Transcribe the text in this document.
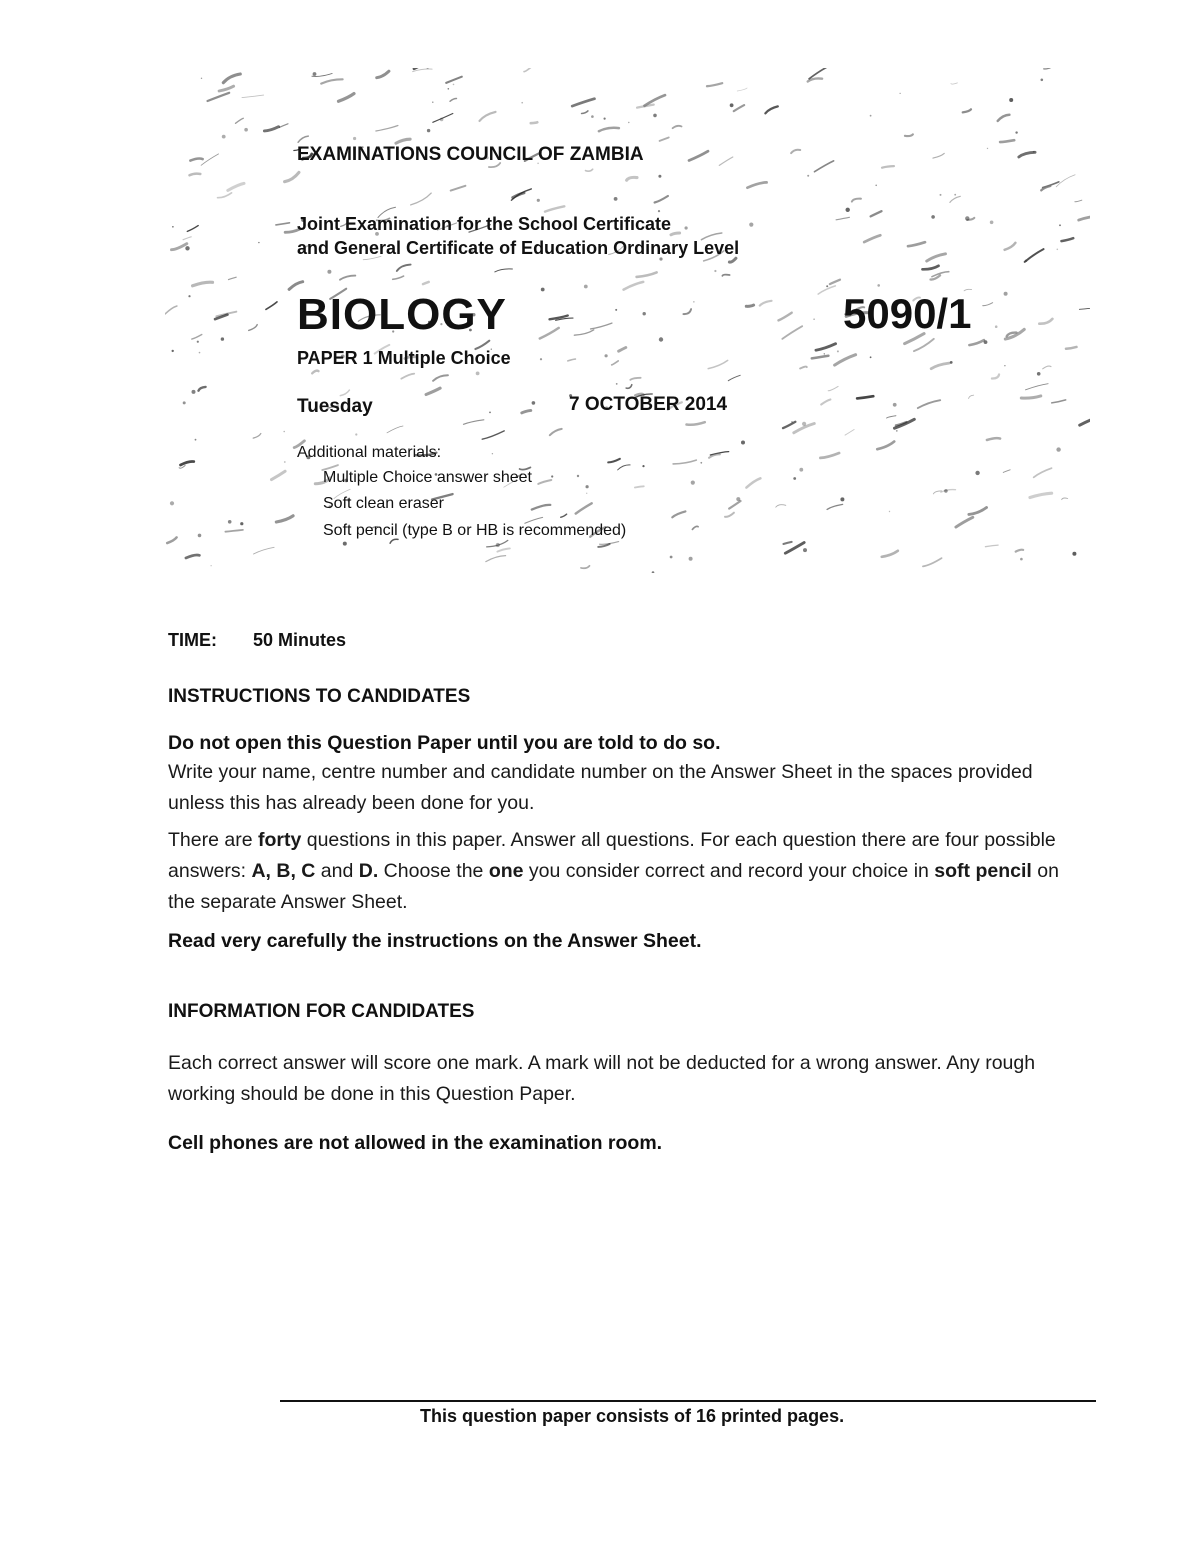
EXAMINATIONS COUNCIL OF ZAMBIA
Joint Examination for the School Certificate
and General Certificate of Education Ordinary Level
BIOLOGY	5090/1
PAPER 1 Multiple Choice
Tuesday	7 OCTOBER 2014
Additional materials:
Multiple Choice answer sheet
Soft clean eraser
Soft pencil (type B or HB is recommended)
TIME: 50 Minutes
INSTRUCTIONS TO CANDIDATES
Do not open this Question Paper until you are told to do so.
Write your name, centre number and candidate number on the Answer Sheet in the spaces provided unless this has already been done for you.
There are forty questions in this paper. Answer all questions. For each question there are four possible answers: A, B, C and D. Choose the one you consider correct and record your choice in soft pencil on the separate Answer Sheet.
Read very carefully the instructions on the Answer Sheet.
INFORMATION FOR CANDIDATES
Each correct answer will score one mark. A mark will not be deducted for a wrong answer. Any rough working should be done in this Question Paper.
Cell phones are not allowed in the examination room.
This question paper consists of 16 printed pages.
